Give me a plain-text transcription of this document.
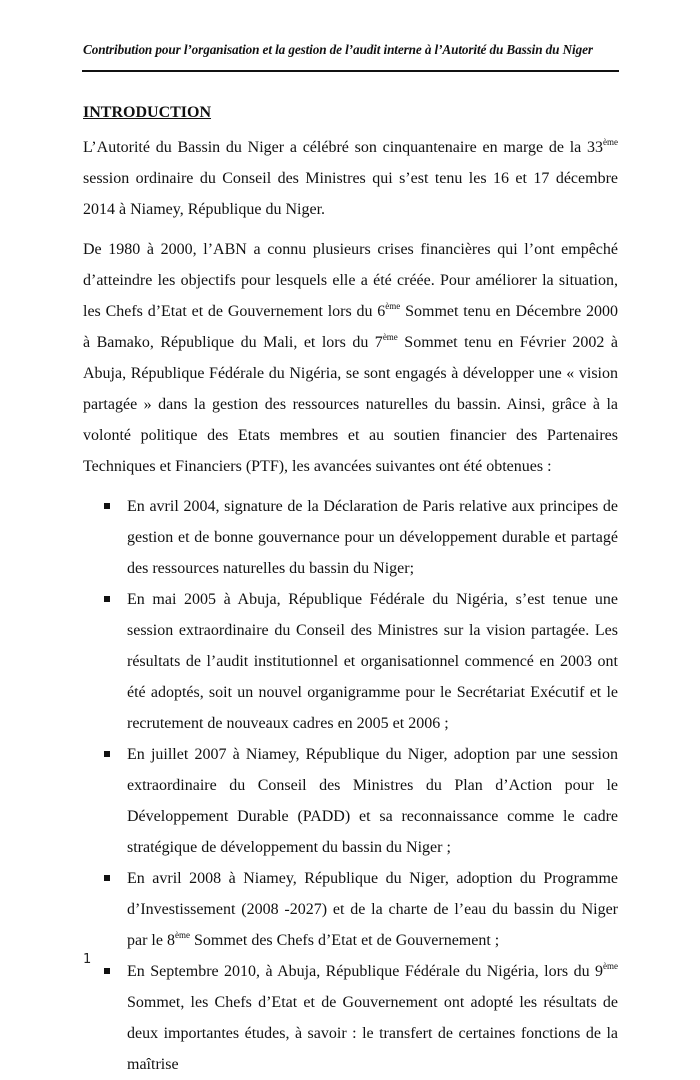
Contribution pour l’organisation et la gestion de l’audit interne à l’Autorité du Bassin du Niger
INTRODUCTION

L’Autorité du Bassin du Niger a célébré son cinquantenaire en marge de la 33ème session ordinaire du Conseil des Ministres qui s’est tenu les 16 et 17 décembre 2014 à Niamey, République du Niger.

De 1980 à 2000, l’ABN a connu plusieurs crises financières qui l’ont empêché d’atteindre les objectifs pour lesquels elle a été créée. Pour améliorer la situation, les Chefs d’Etat et de Gouvernement lors du 6ème Sommet tenu en Décembre 2000 à Bamako, République du Mali, et lors du 7ème Sommet tenu en Février 2002 à Abuja, République Fédérale du Nigéria, se sont engagés à développer une « vision partagée » dans la gestion des ressources naturelles du bassin. Ainsi, grâce à la volonté politique des Etats membres et au soutien financier des Partenaires Techniques et Financiers (PTF), les avancées suivantes ont été obtenues :

En avril 2004, signature de la Déclaration de Paris relative aux principes de gestion et de bonne gouvernance pour un développement durable et partagé des ressources naturelles du bassin du Niger;
En mai 2005 à Abuja, République Fédérale du Nigéria, s’est tenue une session extraordinaire du Conseil des Ministres sur la vision partagée. Les résultats de l’audit institutionnel et organisationnel commencé en 2003 ont été adoptés, soit un nouvel organigramme pour le Secrétariat Exécutif et le recrutement de nouveaux cadres en 2005 et 2006 ;
En juillet 2007 à Niamey, République du Niger, adoption par une session extraordinaire du Conseil des Ministres du Plan d’Action pour le Développement Durable (PADD) et sa reconnaissance comme le cadre stratégique de développement du bassin du Niger ;
En avril 2008 à Niamey, République du Niger, adoption du Programme d’Investissement (2008 -2027) et de la charte de l’eau du bassin du Niger par le 8ème Sommet des Chefs d’Etat et de Gouvernement ;
En Septembre 2010, à Abuja, République Fédérale du Nigéria, lors du 9ème Sommet, les Chefs d’Etat et de Gouvernement ont adopté les résultats de deux importantes études, à savoir : le transfert de certaines fonctions de la maîtrise
1
